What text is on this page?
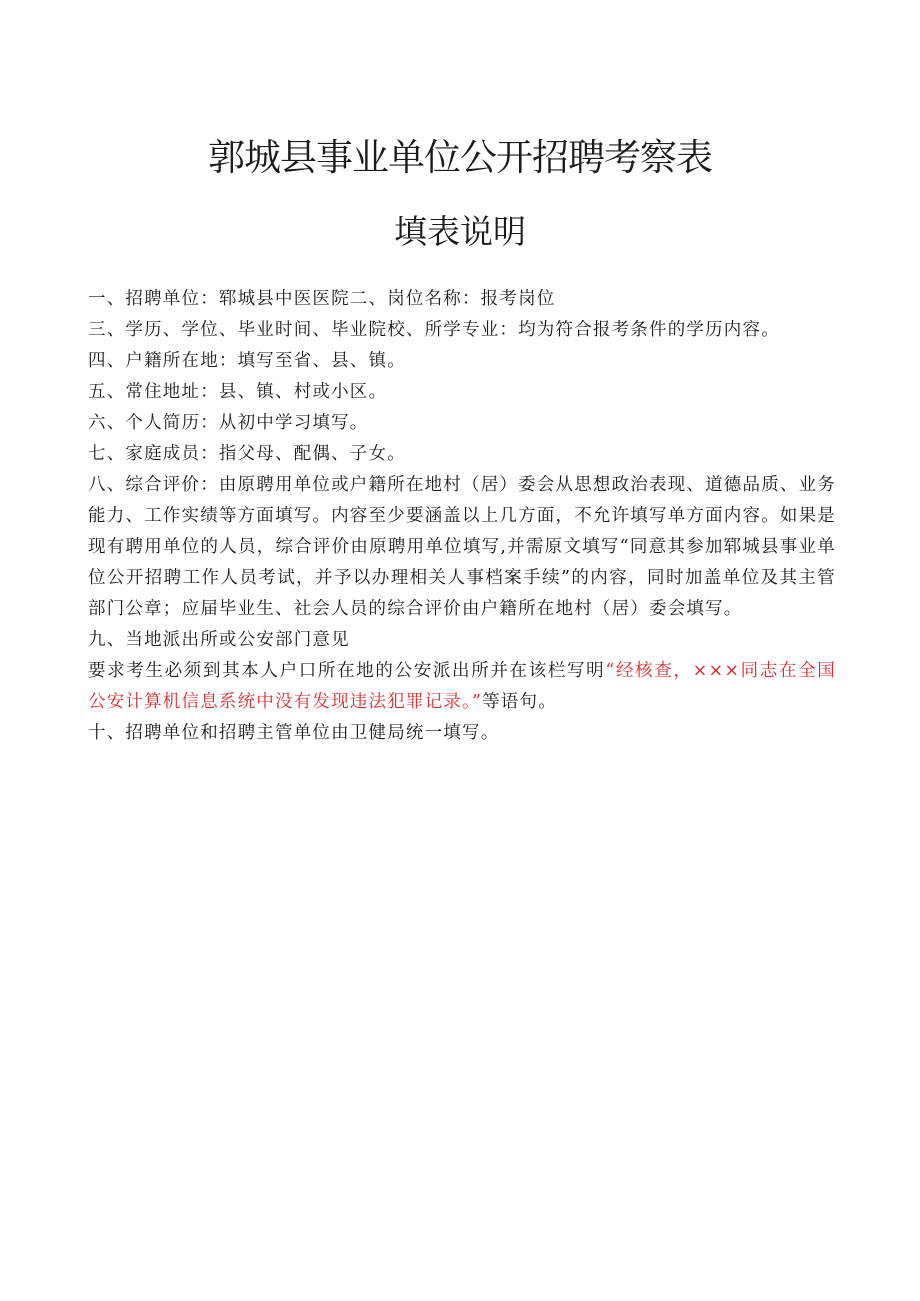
郭城县事业单位公开招聘考察表
填表说明

一、招聘单位：郓城县中医医院二、岗位名称：报考岗位

三、学历、学位、毕业时间、毕业院校、所学专业：均为符合报考条件的学历内容。

四、户籍所在地：填写至省、县、镇。

五、常住地址：县、镇、村或小区。

六、个人简历：从初中学习填写。

七、家庭成员：指父母、配偶、子女。

八、综合评价：由原聘用单位或户籍所在地村（居）委会从思想政治表现、道德品质、业务能力、工作实绩等方面填写。内容至少要涵盖以上几方面，不允许填写单方面内容。如果是现有聘用单位的人员，综合评价由原聘用单位填写,并需原文填写“同意其参加郓城县事业单位公开招聘工作人员考试，并予以办理相关人事档案手续”的内容，同时加盖单位及其主管部门公章；应届毕业生、社会人员的综合评价由户籍所在地村（居）委会填写。

九、当地派出所或公安部门意见

要求考生必须到其本人户口所在地的公安派出所并在该栏写明“经核查，×××同志在全国公安计算机信息系统中没有发现违法犯罪记录。”等语句。

十、招聘单位和招聘主管单位由卫健局统一填写。
